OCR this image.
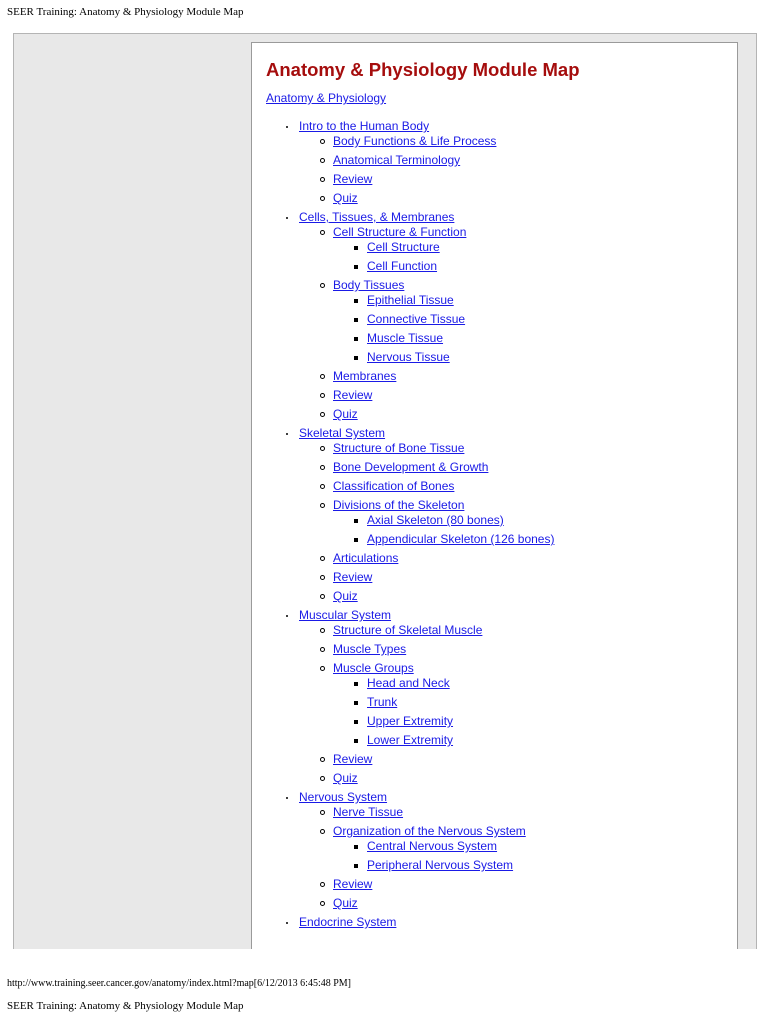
SEER Training: Anatomy & Physiology Module Map
Anatomy & Physiology Module Map
Anatomy & Physiology
Intro to the Human Body
Body Functions & Life Process
Anatomical Terminology
Review
Quiz
Cells, Tissues, & Membranes
Cell Structure & Function
Cell Structure
Cell Function
Body Tissues
Epithelial Tissue
Connective Tissue
Muscle Tissue
Nervous Tissue
Membranes
Review
Quiz
Skeletal System
Structure of Bone Tissue
Bone Development & Growth
Classification of Bones
Divisions of the Skeleton
Axial Skeleton (80 bones)
Appendicular Skeleton (126 bones)
Articulations
Review
Quiz
Muscular System
Structure of Skeletal Muscle
Muscle Types
Muscle Groups
Head and Neck
Trunk
Upper Extremity
Lower Extremity
Review
Quiz
Nervous System
Nerve Tissue
Organization of the Nervous System
Central Nervous System
Peripheral Nervous System
Review
Quiz
Endocrine System
http://www.training.seer.cancer.gov/anatomy/index.html?map[6/12/2013 6:45:48 PM]
SEER Training: Anatomy & Physiology Module Map
